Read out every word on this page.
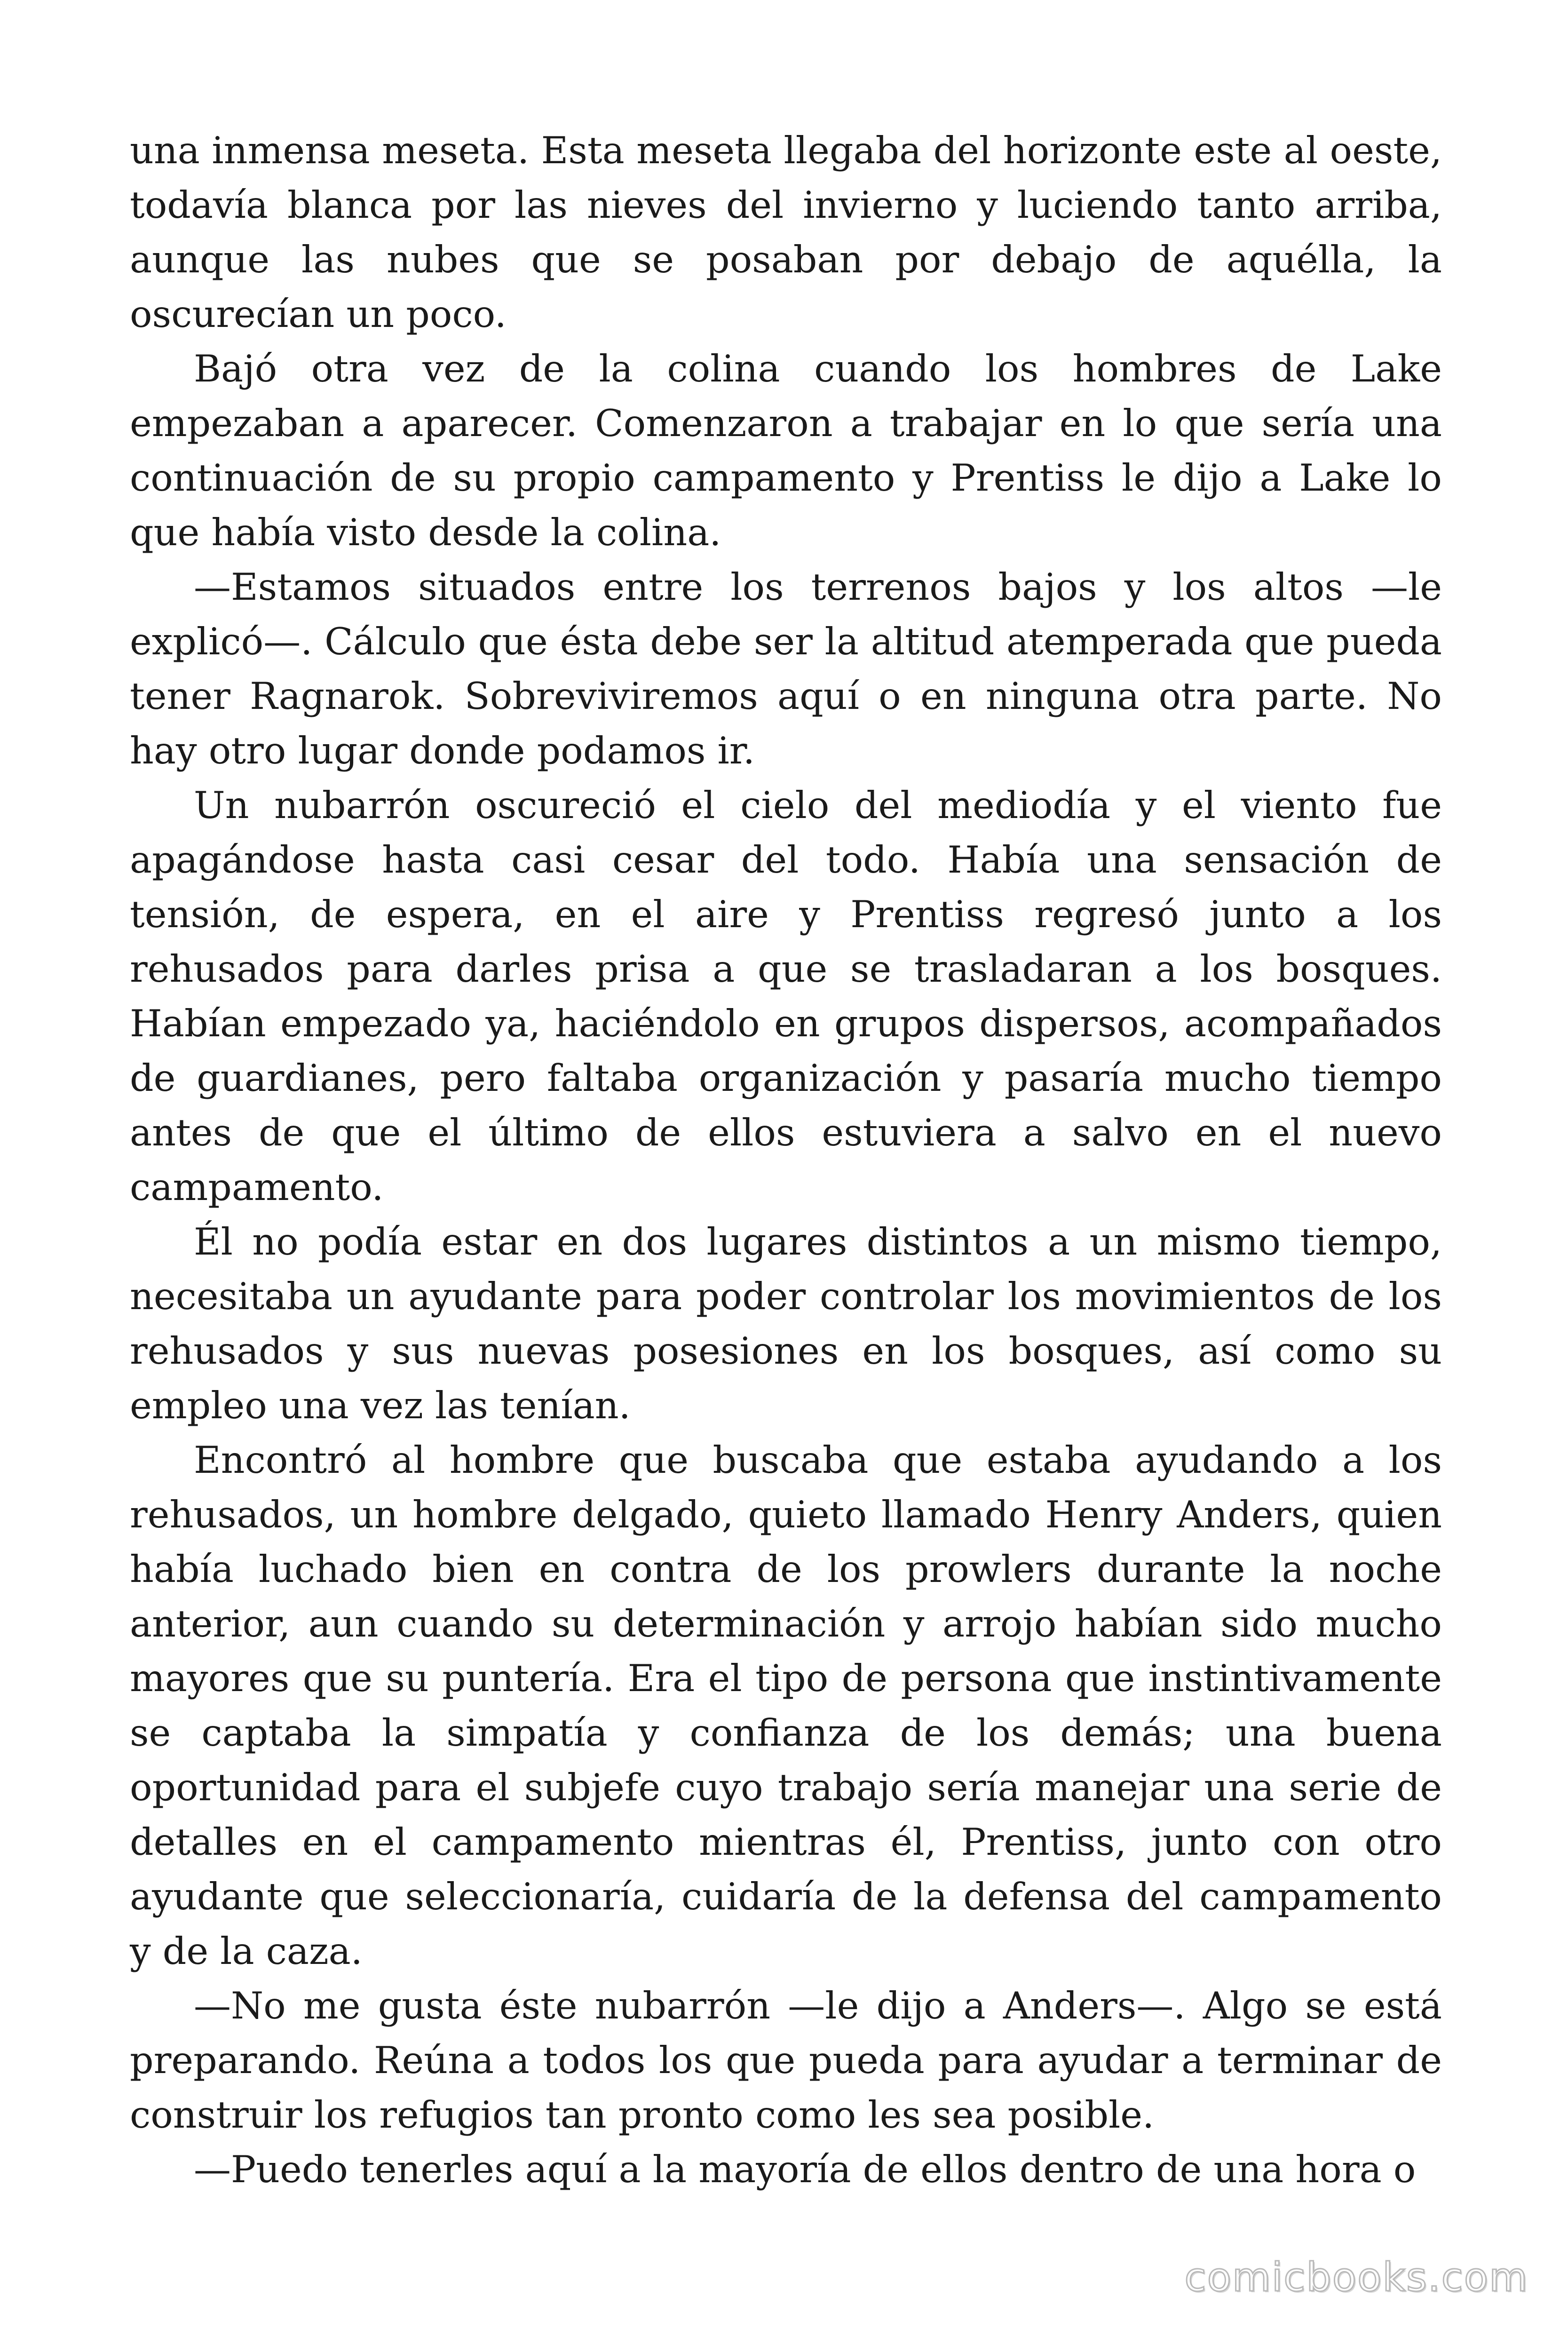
una inmensa meseta. Esta meseta llegaba del horizonte este al oeste, todavía blanca por las nieves del invierno y luciendo tanto arriba, aunque las nubes que se posaban por debajo de aquélla, la oscurecían un poco.

Bajó otra vez de la colina cuando los hombres de Lake empezaban a aparecer. Comenzaron a trabajar en lo que sería una continuación de su propio campamento y Prentiss le dijo a Lake lo que había visto desde la colina.

—Estamos situados entre los terrenos bajos y los altos —le explicó—. Cálculo que ésta debe ser la altitud atemperada que pueda tener Ragnarok. Sobreviviremos aquí o en ninguna otra parte. No hay otro lugar donde podamos ir.

Un nubarrón oscureció el cielo del mediodía y el viento fue apagándose hasta casi cesar del todo. Había una sensación de tensión, de espera, en el aire y Prentiss regresó junto a los rehusados para darles prisa a que se trasladaran a los bosques. Habían empezado ya, haciéndolo en grupos dispersos, acompañados de guardianes, pero faltaba organización y pasaría mucho tiempo antes de que el último de ellos estuviera a salvo en el nuevo campamento.

Él no podía estar en dos lugares distintos a un mismo tiempo, necesitaba un ayudante para poder controlar los movimientos de los rehusados y sus nuevas posesiones en los bosques, así como su empleo una vez las tenían.

Encontró al hombre que buscaba que estaba ayudando a los rehusados, un hombre delgado, quieto llamado Henry Anders, quien había luchado bien en contra de los prowlers durante la noche anterior, aun cuando su determinación y arrojo habían sido mucho mayores que su puntería. Era el tipo de persona que instintivamente se captaba la simpatía y confianza de los demás; una buena oportunidad para el subjefe cuyo trabajo sería manejar una serie de detalles en el campamento mientras él, Prentiss, junto con otro ayudante que seleccionaría, cuidaría de la defensa del campamento y de la caza.

—No me gusta éste nubarrón —le dijo a Anders—. Algo se está preparando. Reúna a todos los que pueda para ayudar a terminar de construir los refugios tan pronto como les sea posible.

—Puedo tenerles aquí a la mayoría de ellos dentro de una hora o

comicbooks.com
